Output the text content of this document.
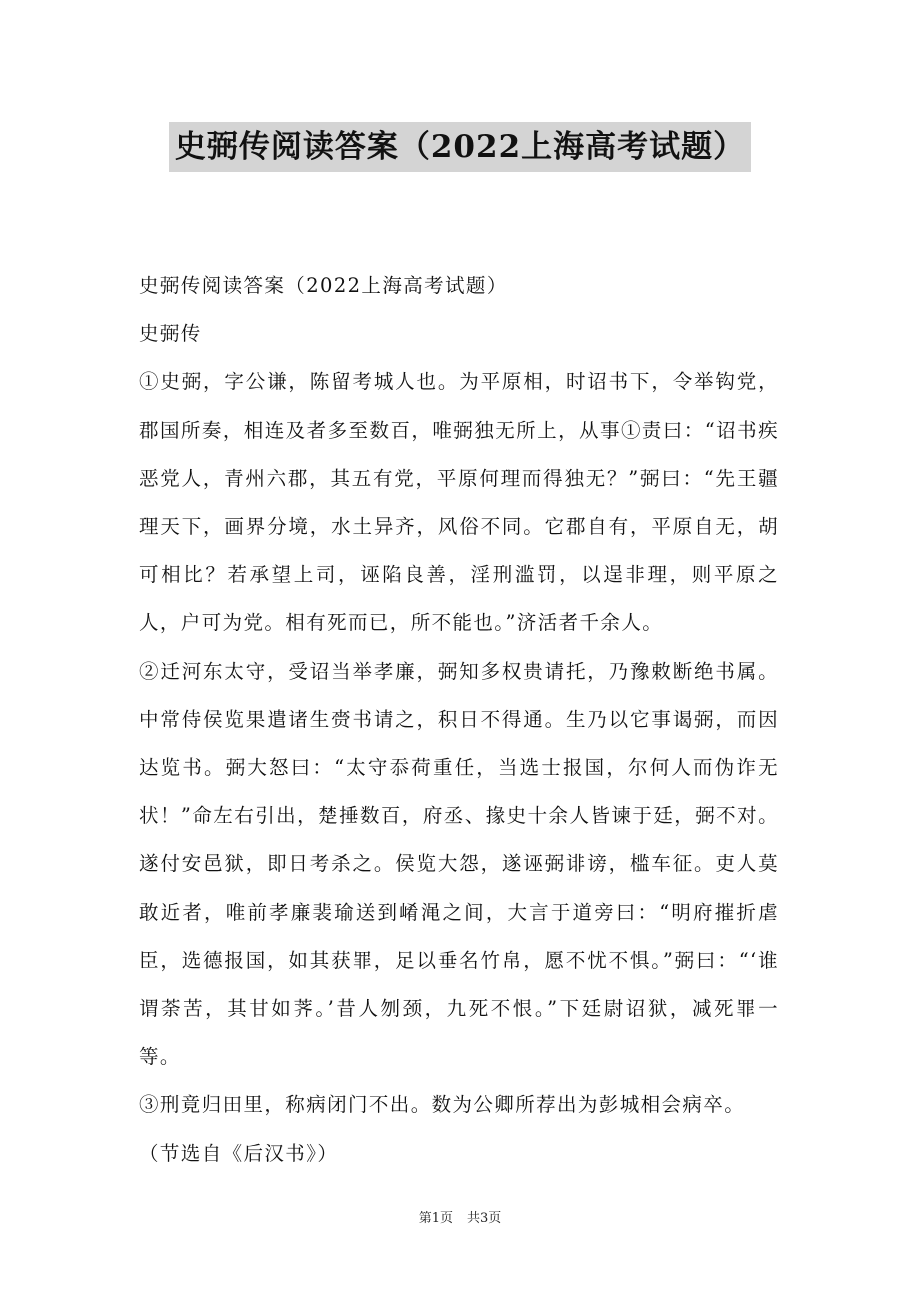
史弼传阅读答案（2022上海高考试题）

史弼传阅读答案（2022上海高考试题）

史弼传

①史弼，字公谦，陈留考城人也。为平原相，时诏书下，令举钩党，郡国所奏，相连及者多至数百，唯弼独无所上，从事①责曰：“诏书疾恶党人，青州六郡，其五有党，平原何理而得独无？”弼曰：“先王疆理天下，画界分境，水土异齐，风俗不同。它郡自有，平原自无，胡可相比？若承望上司，诬陷良善，淫刑滥罚，以逞非理，则平原之人，户可为党。相有死而已，所不能也。”济活者千余人。

②迁河东太守，受诏当举孝廉，弼知多权贵请托，乃豫敕断绝书属。中常侍侯览果遣诸生赍书请之，积日不得通。生乃以它事谒弼，而因达览书。弼大怒曰：“太守忝荷重任，当选士报国，尔何人而伪诈无状！”命左右引出，楚捶数百，府丞、掾史十余人皆谏于廷，弼不对。遂付安邑狱，即日考杀之。侯览大怨，遂诬弼诽谤，槛车征。吏人莫敢近者，唯前孝廉裴瑜送到崤渑之间，大言于道旁曰：“明府摧折虐臣，选德报国，如其获罪，足以垂名竹帛，愿不忧不惧。”弼曰：“‘谁谓荼苦，其甘如荠。’昔人刎颈，九死不恨。”下廷尉诏狱，减死罪一等。

③刑竟归田里，称病闭门不出。数为公卿所荐出为彭城相会病卒。

（节选自《后汉书》）

第1页 共3页
